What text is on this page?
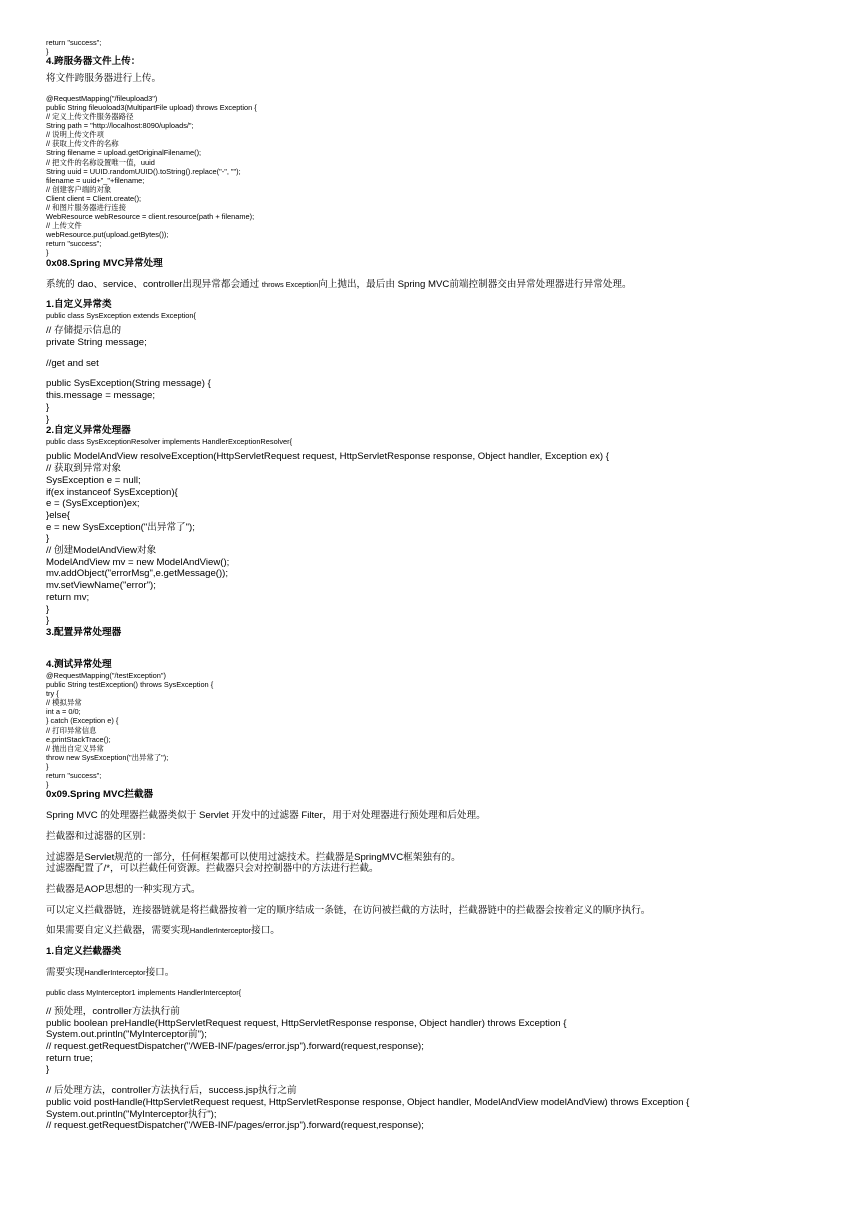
return "success";
}
4.跨服务器文件上传：
将文件跨服务器进行上传。
@RequestMapping("/fileupload3")
public String fileuoload3(MultipartFile upload) throws Exception {
// 定义上传文件服务器路径
String path = "http://localhost:8090/uploads/";
// 说明上传文件项
// 获取上传文件的名称
String filename = upload.getOriginalFilename();
// 把文件的名称设置唯一值，uuid
String uuid = UUID.randomUUID().toString().replace("-", "");
filename = uuid+"_"+filename;
// 创建客户端的对象
Client client = Client.create();
// 和图片服务器进行连接
WebResource webResource = client.resource(path + filename);
// 上传文件
webResource.put(upload.getBytes());
return "success";
}
0x08.Spring MVC异常处理
系统的 dao、service、controller出现异常都会通过 throws Exception向上抛出，最后由 Spring MVC前端控制器交由异常处理器进行异常处理。
1.自定义异常类
public class SysException extends Exception{
// 存储提示信息的
private String message;
//get and set
public SysException(String message) {
this.message = message;
}
}
2.自定义异常处理器
public class SysExceptionResolver implements HandlerExceptionResolver{
public ModelAndView resolveException(HttpServletRequest request, HttpServletResponse response, Object handler, Exception ex) {
// 获取到异常对象
SysException e = null;
if(ex instanceof SysException){
e = (SysException)ex;
}else{
e = new SysException("出异常了");
}
// 创建ModelAndView对象
ModelAndView mv = new ModelAndView();
mv.addObject("errorMsg",e.getMessage());
mv.setViewName("error");
return mv;
}
}
3.配置异常处理器
4.测试异常处理
@RequestMapping("/testException")
public String testException() throws SysException {
try {
// 模拟异常
int a = 0/0;
} catch (Exception e) {
// 打印异常信息
e.printStackTrace();
// 抛出自定义异常
throw new SysException("出异常了");
}
return "success";
}
0x09.Spring MVC拦截器
Spring MVC 的处理器拦截器类似于 Servlet 开发中的过滤器 Filter，用于对处理器进行预处理和后处理。
拦截器和过滤器的区别：
过滤器是Servlet规范的一部分，任何框架都可以使用过滤技术。拦截器是SpringMVC框架独有的。
过滤器配置了/*，可以拦截任何资源。拦截器只会对控制器中的方法进行拦截。
拦截器是AOP思想的一种实现方式。
可以定义拦截器链，连接器链就是将拦截器按着一定的顺序结成一条链，在访问被拦截的方法时，拦截器链中的拦截器会按着定义的顺序执行。
如果需要自定义拦截器，需要实现HandlerInterceptor接口。
1.自定义拦截器类
需要实现HandlerInterceptor接口。
public class MyInterceptor1 implements HandlerInterceptor{
// 预处理，controller方法执行前
public boolean preHandle(HttpServletRequest request, HttpServletResponse response, Object handler) throws Exception {
System.out.println("MyInterceptor前");
// request.getRequestDispatcher("/WEB-INF/pages/error.jsp").forward(request,response);
return true;
}
// 后处理方法，controller方法执行后，success.jsp执行之前
public void postHandle(HttpServletRequest request, HttpServletResponse response, Object handler, ModelAndView modelAndView) throws Exception {
System.out.println("MyInterceptor执行");
// request.getRequestDispatcher("/WEB-INF/pages/error.jsp").forward(request,response);
